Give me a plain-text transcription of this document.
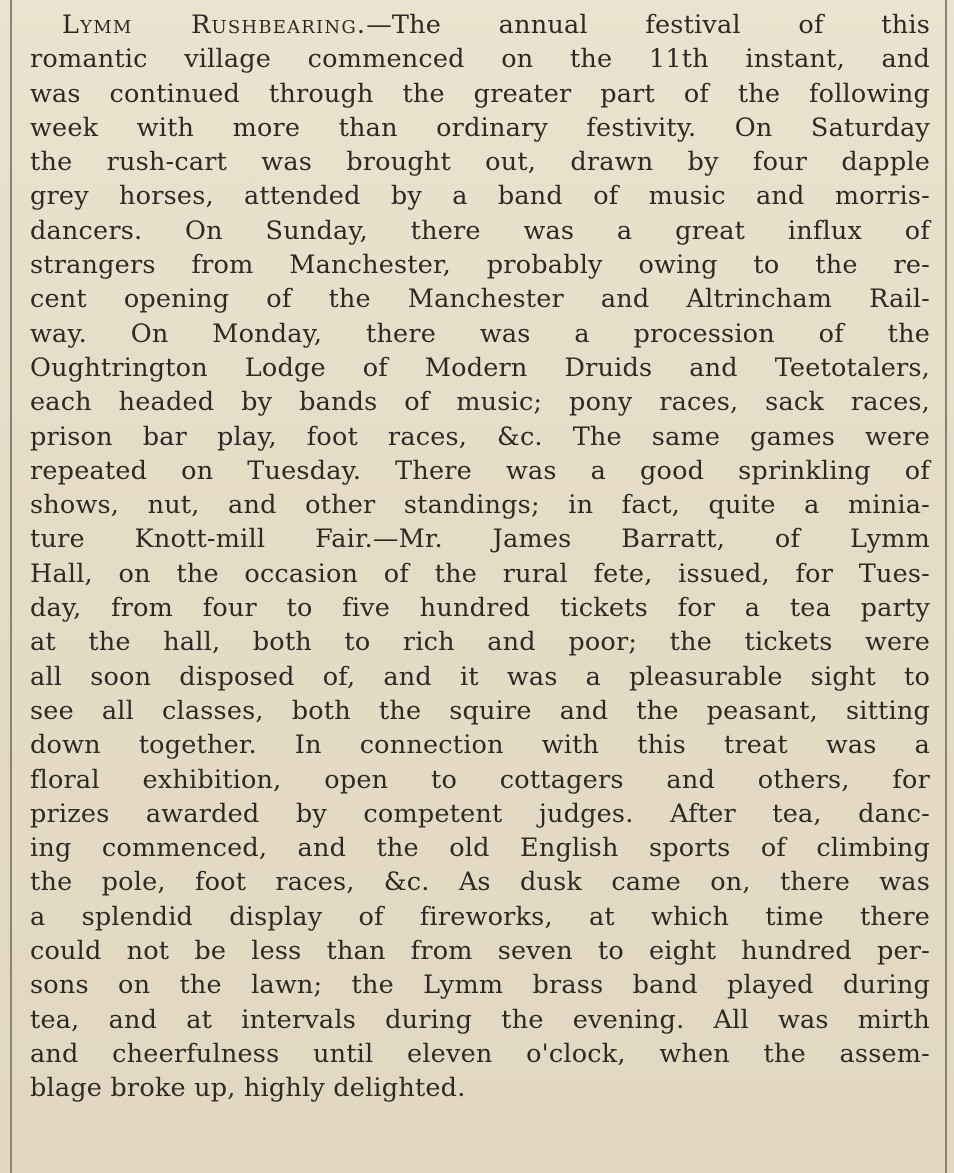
Lymm Rushbearing.—The annual festival of this
romantic village commenced on the 11th instant, and
was continued through the greater part of the following
week with more than ordinary festivity. On Saturday
the rush-cart was brought out, drawn by four dapple
grey horses, attended by a band of music and morris-
dancers. On Sunday, there was a great influx of
strangers from Manchester, probably owing to the re-
cent opening of the Manchester and Altrincham Rail-
way. On Monday, there was a procession of the
Oughtrington Lodge of Modern Druids and Teetotalers,
each headed by bands of music; pony races, sack races,
prison bar play, foot races, &c. The same games were
repeated on Tuesday. There was a good sprinkling of
shows, nut, and other standings; in fact, quite a minia-
ture Knott-mill Fair.—Mr. James Barratt, of Lymm
Hall, on the occasion of the rural fete, issued, for Tues-
day, from four to five hundred tickets for a tea party
at the hall, both to rich and poor; the tickets were
all soon disposed of, and it was a pleasurable sight to
see all classes, both the squire and the peasant, sitting
down together. In connection with this treat was a
floral exhibition, open to cottagers and others, for
prizes awarded by competent judges. After tea, danc-
ing commenced, and the old English sports of climbing
the pole, foot races, &c. As dusk came on, there was
a splendid display of fireworks, at which time there
could not be less than from seven to eight hundred per-
sons on the lawn; the Lymm brass band played during
tea, and at intervals during the evening. All was mirth
and cheerfulness until eleven o'clock, when the assem-
blage broke up, highly delighted.
